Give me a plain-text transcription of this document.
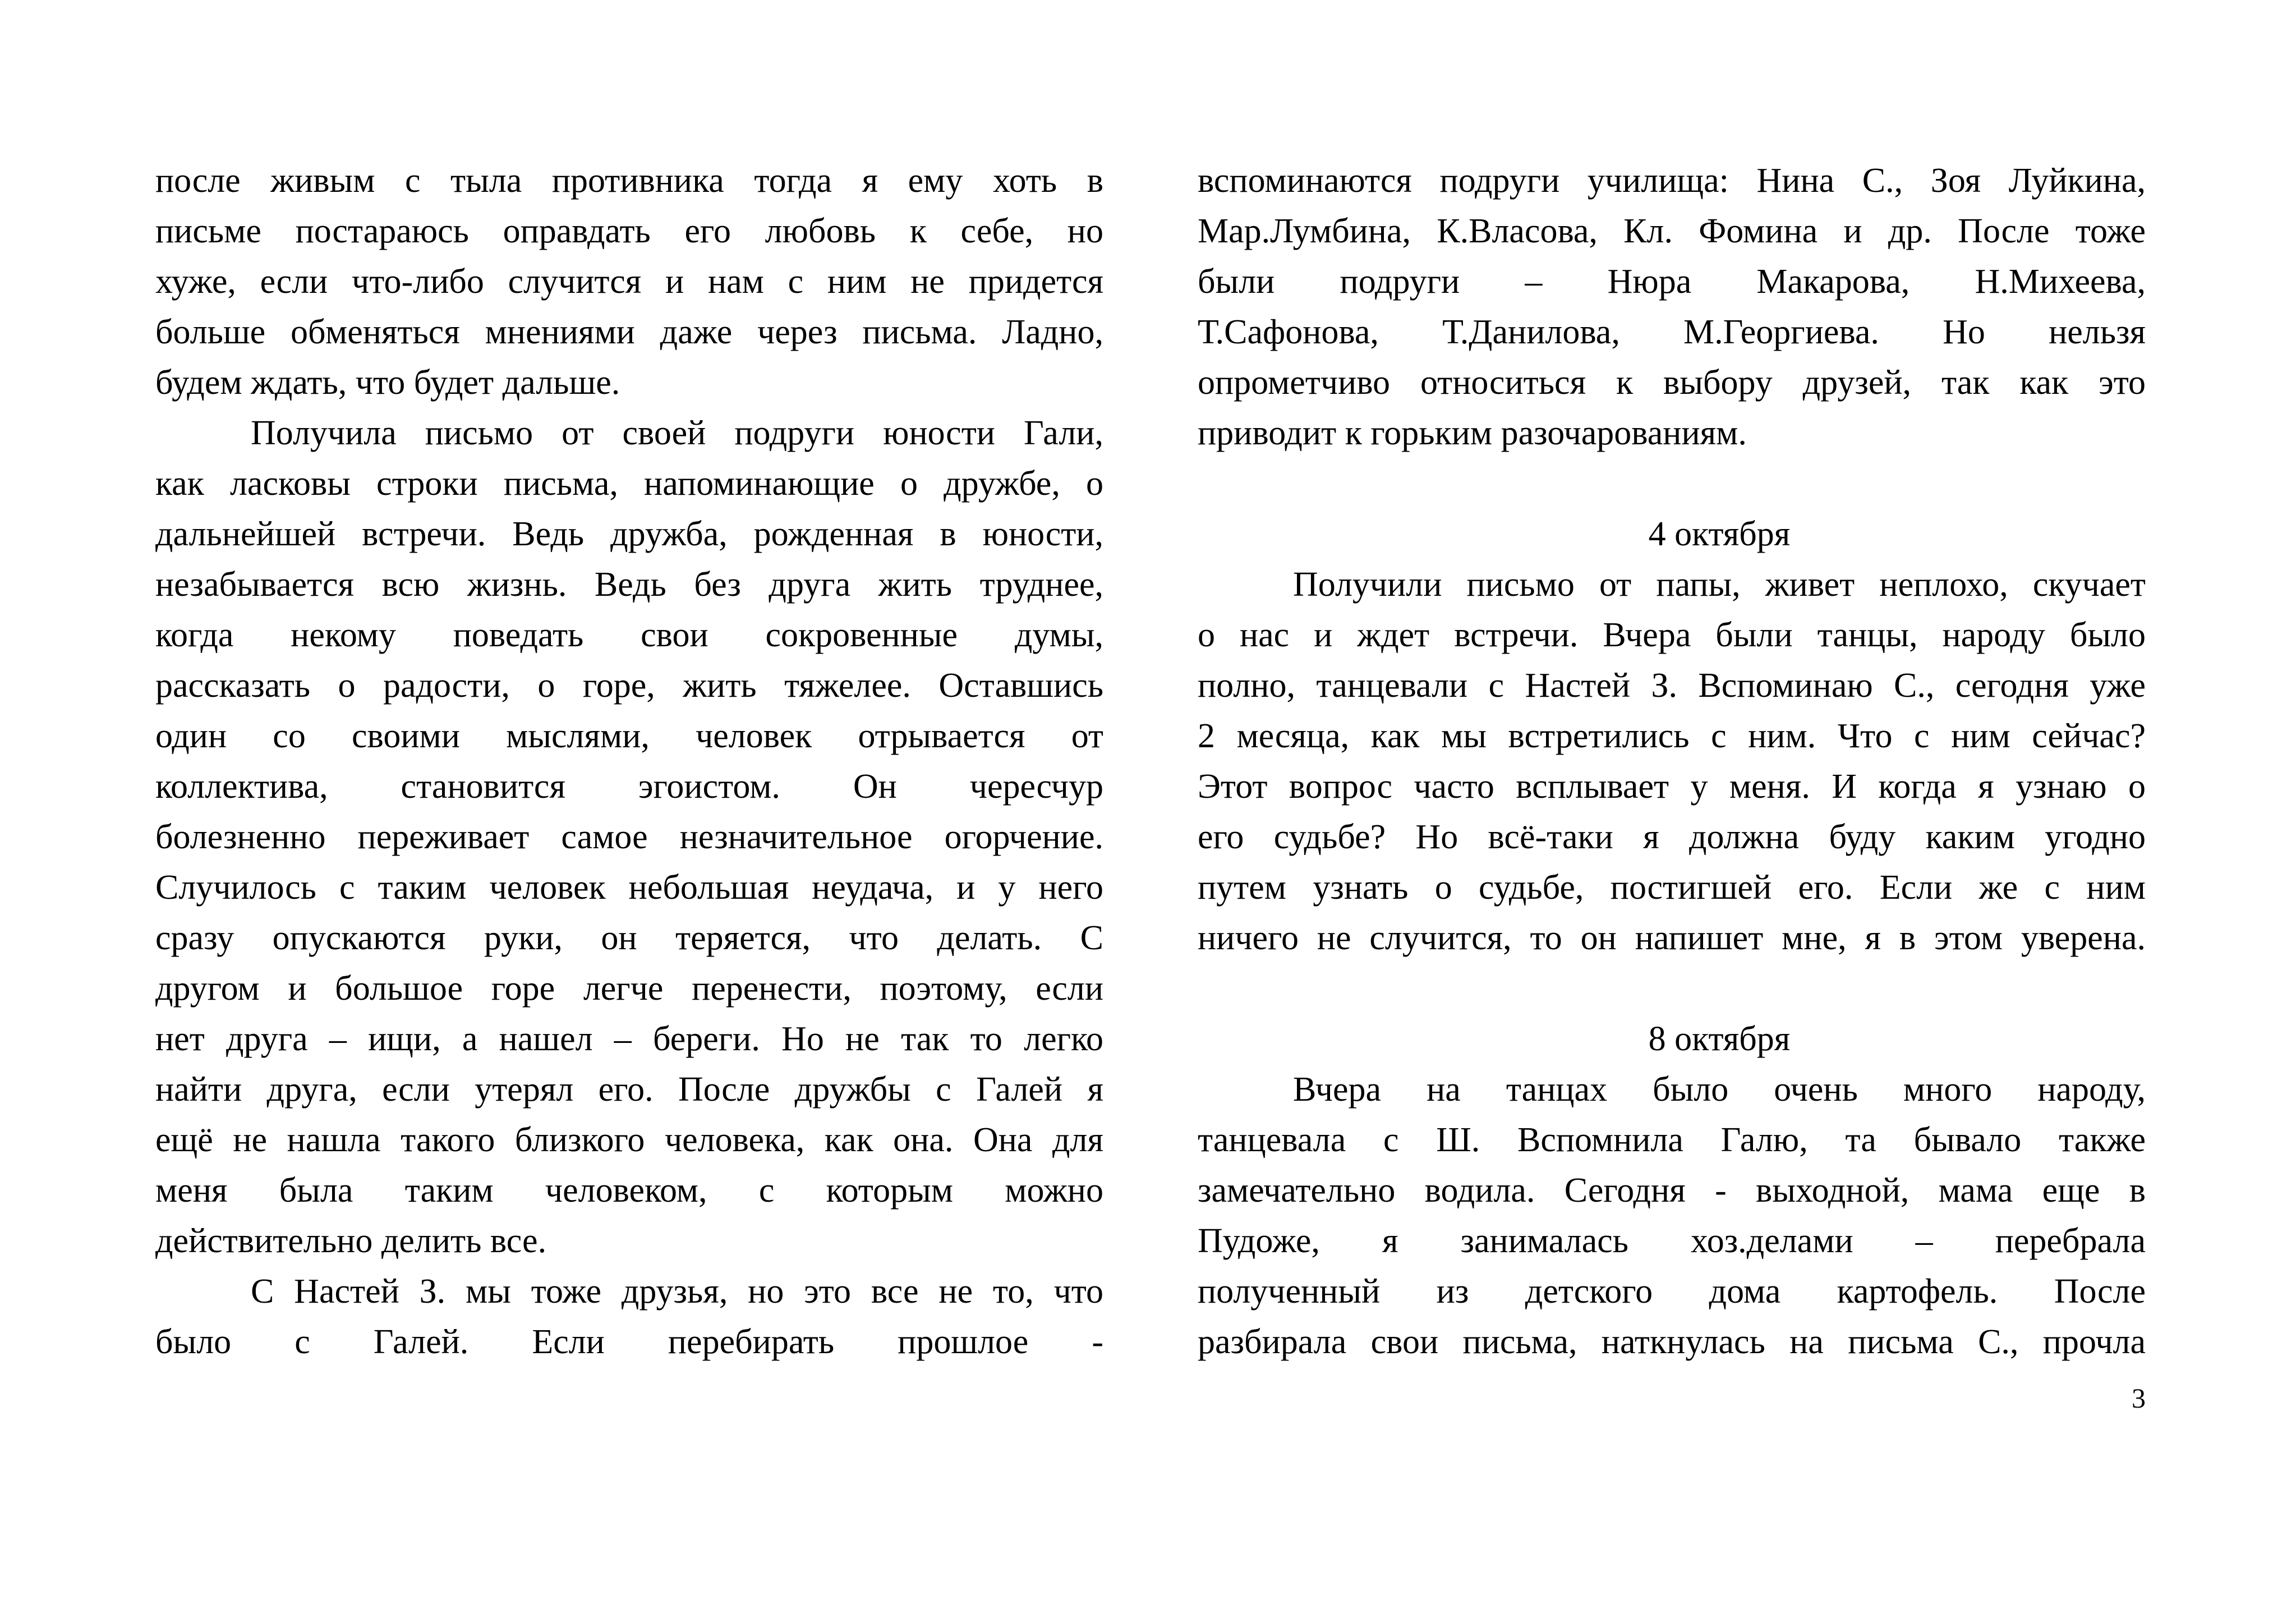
после живым с тыла противника тогда я ему хоть в
письме постараюсь оправдать его любовь к себе, но
хуже, если что-либо случится и нам с ним не придется
больше обменяться мнениями даже через письма. Ладно,
будем ждать, что будет дальше.
Получила письмо от своей подруги юности Гали,
как ласковы строки письма, напоминающие о дружбе, о
дальнейшей встречи. Ведь дружба, рожденная в юности,
незабывается всю жизнь. Ведь без друга жить труднее,
когда некому поведать свои сокровенные думы,
рассказать о радости, о горе, жить тяжелее. Оставшись
один со своими мыслями, человек отрывается от
коллектива, становится эгоистом. Он чересчур
болезненно переживает самое незначительное огорчение.
Случилось с таким человек небольшая неудача, и у него
сразу опускаются руки, он теряется, что делать. С
другом и большое горе легче перенести, поэтому, если
нет друга – ищи, а нашел – береги. Но не так то легко
найти друга, если утерял его. После дружбы с Галей я
ещё не нашла такого близкого человека, как она. Она для
меня была таким человеком, с которым можно
действительно делить все.
С Настей З. мы тоже друзья, но это все не то, что
было с Галей. Если перебирать прошлое -
вспоминаются подруги училища: Нина С., Зоя Луйкина,
Мар.Лумбина, К.Власова, Кл. Фомина и др. После тоже
были подруги – Нюра Макарова, Н.Михеева,
Т.Сафонова, Т.Данилова, М.Георгиева. Но нельзя
опрометчиво относиться к выбору друзей, так как это
приводит к горьким разочарованиям.
4 октября
Получили письмо от папы, живет неплохо, скучает
о нас и ждет встречи. Вчера были танцы, народу было
полно, танцевали с Настей З. Вспоминаю С., сегодня уже
2 месяца, как мы встретились с ним. Что с ним сейчас?
Этот вопрос часто всплывает у меня. И когда я узнаю о
его судьбе? Но всё-таки я должна буду каким угодно
путем узнать о судьбе, постигшей его. Если же с ним
ничего не случится, то он напишет мне, я в этом уверена.
8 октября
Вчера на танцах было очень много народу,
танцевала с Ш. Вспомнила Галю, та бывало также
замечательно водила. Сегодня - выходной, мама еще в
Пудоже, я занималась хоз.делами – перебрала
полученный из детского дома картофель. После
разбирала свои письма, наткнулась на письма С., прочла
3
